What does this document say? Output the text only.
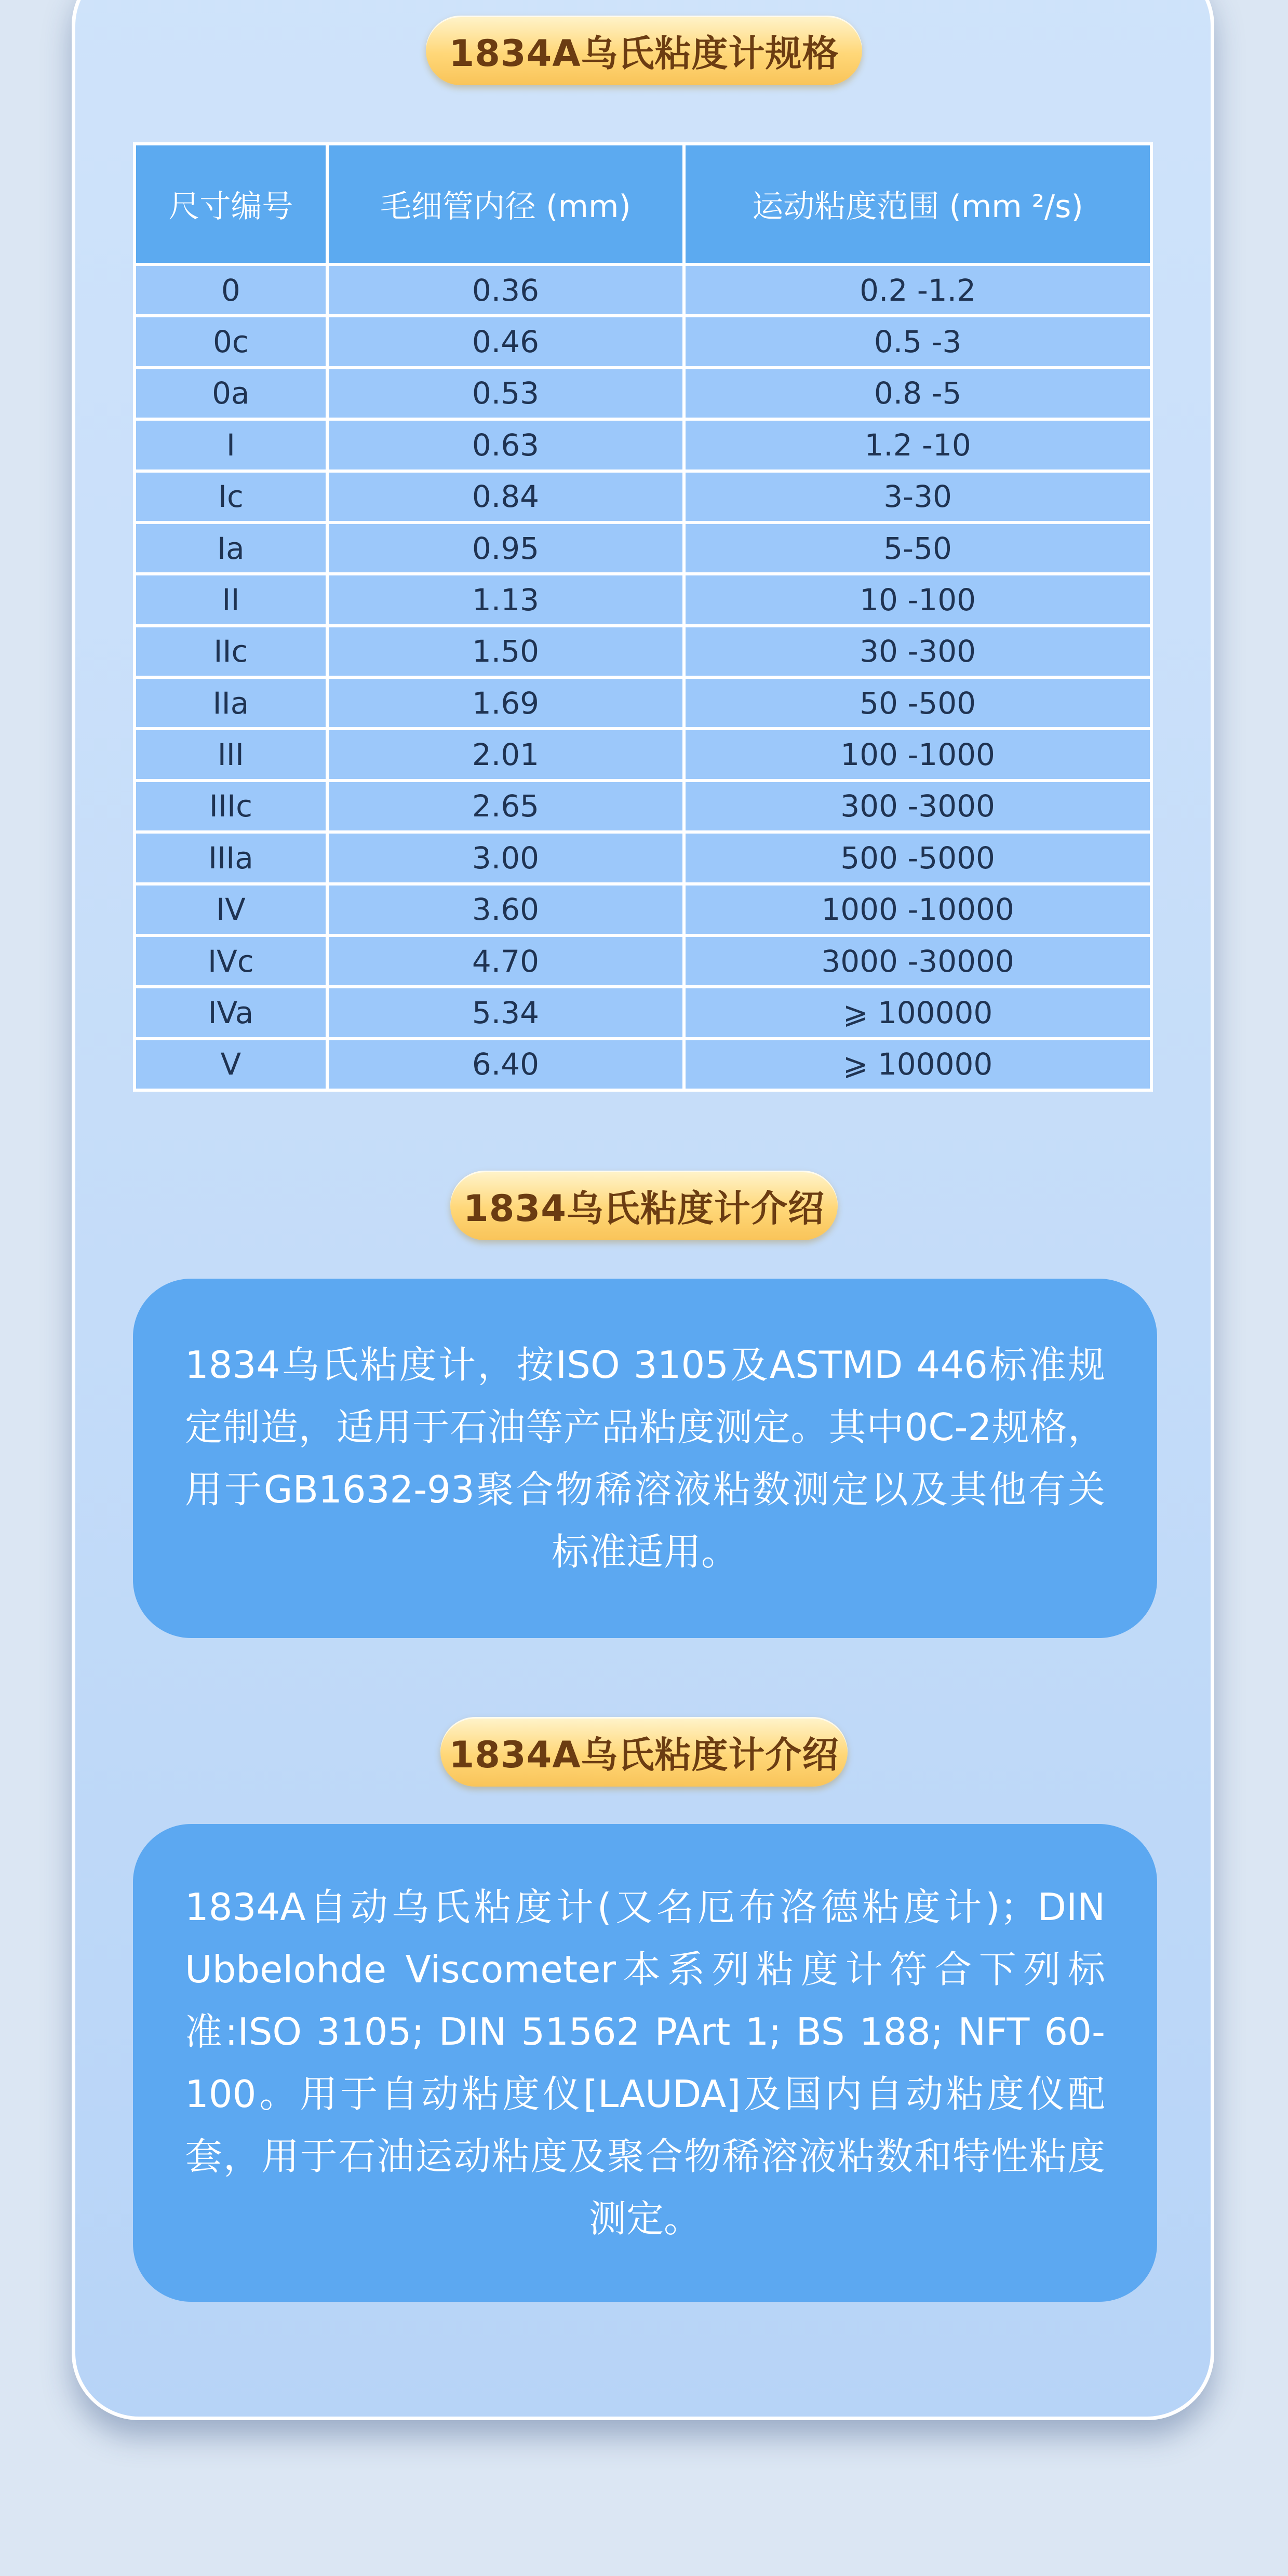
1834A乌氏粘度计规格
尺寸编号	毛细管内径 (mm)	运动粘度范围 (mm ²/s)
0	0.36	0.2 -1.2
0c	0.46	0.5 -3
0a	0.53	0.8 -5
I	0.63	1.2 -10
Ic	0.84	3-30
Ia	0.95	5-50
II	1.13	10 -100
IIc	1.50	30 -300
IIa	1.69	50 -500
III	2.01	100 -1000
IIIc	2.65	300 -3000
IIIa	3.00	500 -5000
IV	3.60	1000 -10000
IVc	4.70	3000 -30000
IVa	5.34	⩾ 100000
V	6.40	⩾ 100000
1834乌氏粘度计介绍
1834乌氏粘度计，按ISO 3105及ASTMD 446标准规定制造，适用于石油等产品粘度测定。其中0C-2规格，用于GB1632-93聚合物稀溶液粘数测定以及其他有关标准适用。
1834A乌氏粘度计介绍
1834A自动乌氏粘度计(又名厄布洛德粘度计)；DIN Ubbelohde Viscometer本系列粘度计符合下列标准:ISO 3105; DIN 51562 PArt 1; BS 188; NFT 60-100。用于自动粘度仪[LAUDA]及国内自动粘度仪配套，用于石油运动粘度及聚合物稀溶液粘数和特性粘度测定。
